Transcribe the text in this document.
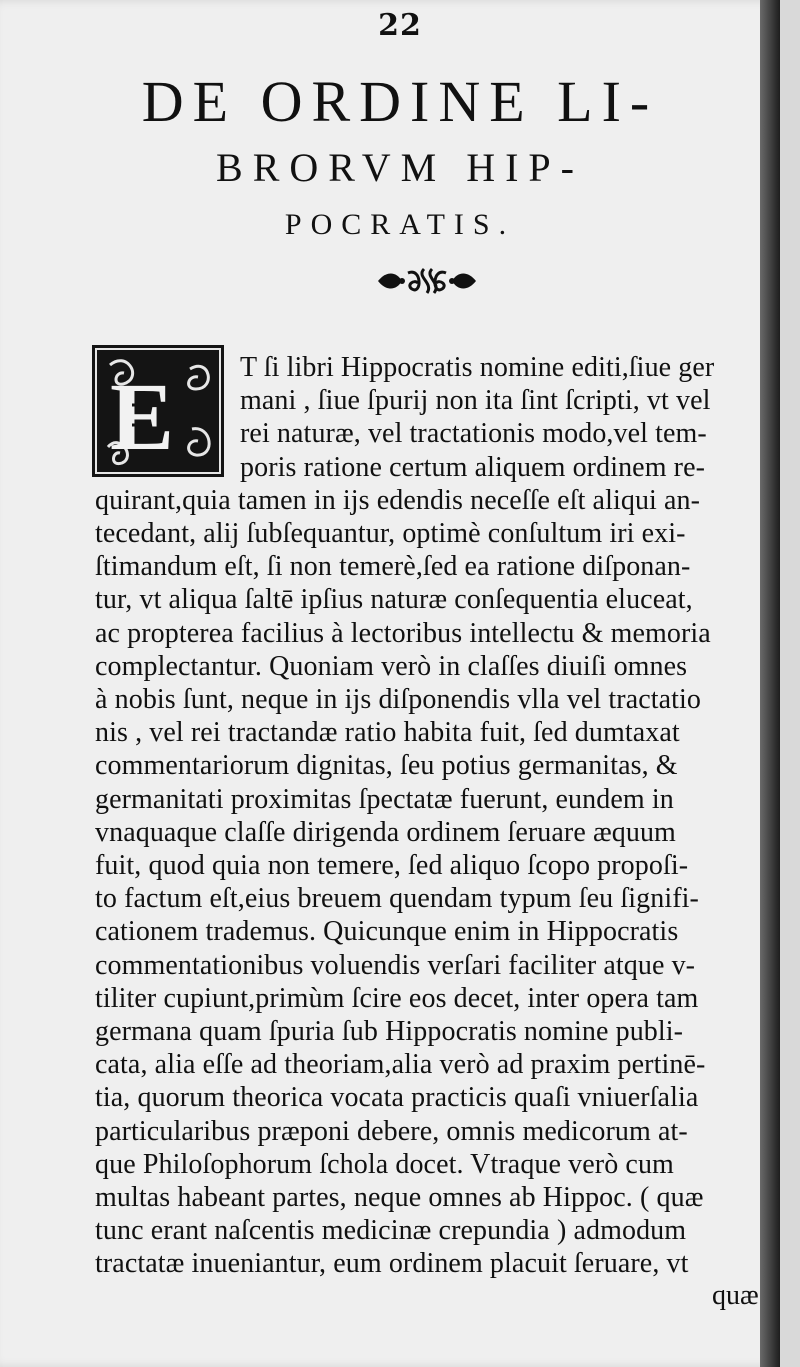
22
DE ORDINE LI-
BRORVM HIP-
POCRATIS.
E T ſi libri Hippocratis nomine editi,ſiue ger
mani , ſiue ſpurij non ita ſint ſcripti, vt vel
rei naturæ, vel tractationis modo,vel tem-
poris ratione certum aliquem ordinem re-
quirant,quia tamen in ijs edendis neceſſe eſt aliqui an-
tecedant, alij ſubſequantur, optimè conſultum iri exi-
ſtimandum eſt, ſi non temerè,ſed ea ratione diſponan-
tur, vt aliqua ſaltē ipſius naturæ conſequentia eluceat,
ac propterea facilius à lectoribus intellectu & memoria
complectantur. Quoniam verò in claſſes diuiſi omnes
à nobis ſunt, neque in ijs diſponendis vlla vel tractatio
nis , vel rei tractandæ ratio habita fuit, ſed dumtaxat
commentariorum dignitas, ſeu potius germanitas, &
germanitati proximitas ſpectatæ fuerunt, eundem in
vnaquaque claſſe dirigenda ordinem ſeruare æquum
fuit, quod quia non temere, ſed aliquo ſcopo propoſi-
to factum eſt,eius breuem quendam typum ſeu ſignifi-
cationem trademus. Quicunque enim in Hippocratis
commentationibus voluendis verſari faciliter atque v-
tiliter cupiunt,primùm ſcire eos decet, inter opera tam
germana quam ſpuria ſub Hippocratis nomine publi-
cata, alia eſſe ad theoriam,alia verò ad praxim pertinē-
tia, quorum theorica vocata practicis quaſi vniuerſalia
particularibus præponi debere, omnis medicorum at-
que Philoſophorum ſchola docet. Vtraque verò cum
multas habeant partes, neque omnes ab Hippoc. ( quæ
tunc erant naſcentis medicinæ crepundia ) admodum
tractatæ inueniantur, eum ordinem placuit ſeruare, vt
quæ
